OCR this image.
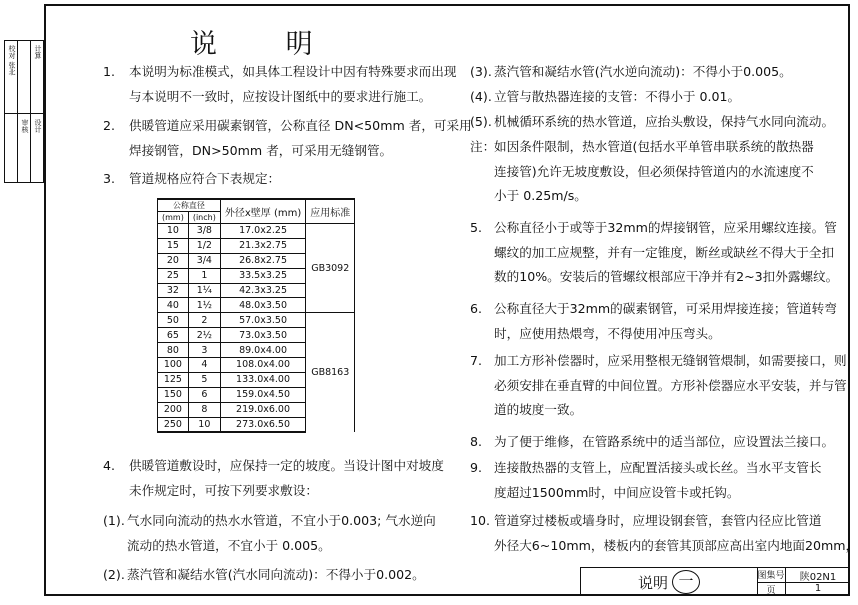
校对 张北
审核 设计
计算	说 明
1. 本说明为标准模式，如具体工程设计中因有特殊要求而出现
与本说明不一致时，应按设计图纸中的要求进行施工。
2. 供暖管道应采用碳素钢管，公称直径 DN<50mm 者，可采用
焊接钢管，DN>50mm 者，可采用无缝钢管。
3. 管道规格应符合下表规定：
公称直径		外径x壁厚 (mm)	应用标准
(mm)	(inch)		
10	3/8	17.0x2.25	GB3092
15	1/2	21.3x2.75	
20	3/4	26.8x2.75	
25	1	33.5x3.25	
32	1¼	42.3x3.25	
40	1½	48.0x3.50	
50	2	57.0x3.50	GB8163
65	2½	73.0x3.50	
80	3	89.0x4.00	
100	4	108.0x4.00	
125	5	133.0x4.00	
150	6	159.0x4.50	
200	8	219.0x6.00	
250	10	273.0x6.50	
4. 供暖管道敷设时，应保持一定的坡度。当设计图中对坡度
未作规定时，可按下列要求敷设：
(1). 气水同向流动的热水水管道，不宜小于0.003; 气水逆向
流动的热水管道，不宜小于 0.005。
(2). 蒸汽管和凝结水管(汽水同向流动)：不得小于0.002。
(3). 蒸汽管和凝结水管(汽水逆向流动)：不得小于0.005。
(4). 立管与散热器连接的支管：不得小于 0.01。
(5). 机械循环系统的热水管道，应抬头敷设，保持气水同向流动。
注：如因条件限制，热水管道(包括水平单管串联系统的散热器
连接管)允许无坡度敷设，但必须保持管道内的水流速度不
小于 0.25m/s。
5. 公称直径小于或等于32mm的焊接钢管，应采用螺纹连接。管
螺纹的加工应规整，并有一定锥度，断丝或缺丝不得大于全扣
数的10%。安装后的管螺纹根部应干净并有2~3扣外露螺纹。
6. 公称直径大于32mm的碳素钢管，可采用焊接连接；管道转弯
时，应使用热煨弯，不得使用冲压弯头。
7. 加工方形补偿器时，应采用整根无缝钢管煨制，如需要接口，则
必须安排在垂直臂的中间位置。方形补偿器应水平安装，并与管
道的坡度一致。
8. 为了便于维修，在管路系统中的适当部位，应设置法兰接口。
9. 连接散热器的支管上，应配置活接头或长丝。当水平支管长
度超过1500mm时，中间应设管卡或托钩。
10. 管道穿过楼板或墙身时，应埋设钢套管，套管内径应比管道
外径大6~10mm，楼板内的套管其顶部应高出室内地面20mm，
说明 一	图集号	陕02N1
页	1
